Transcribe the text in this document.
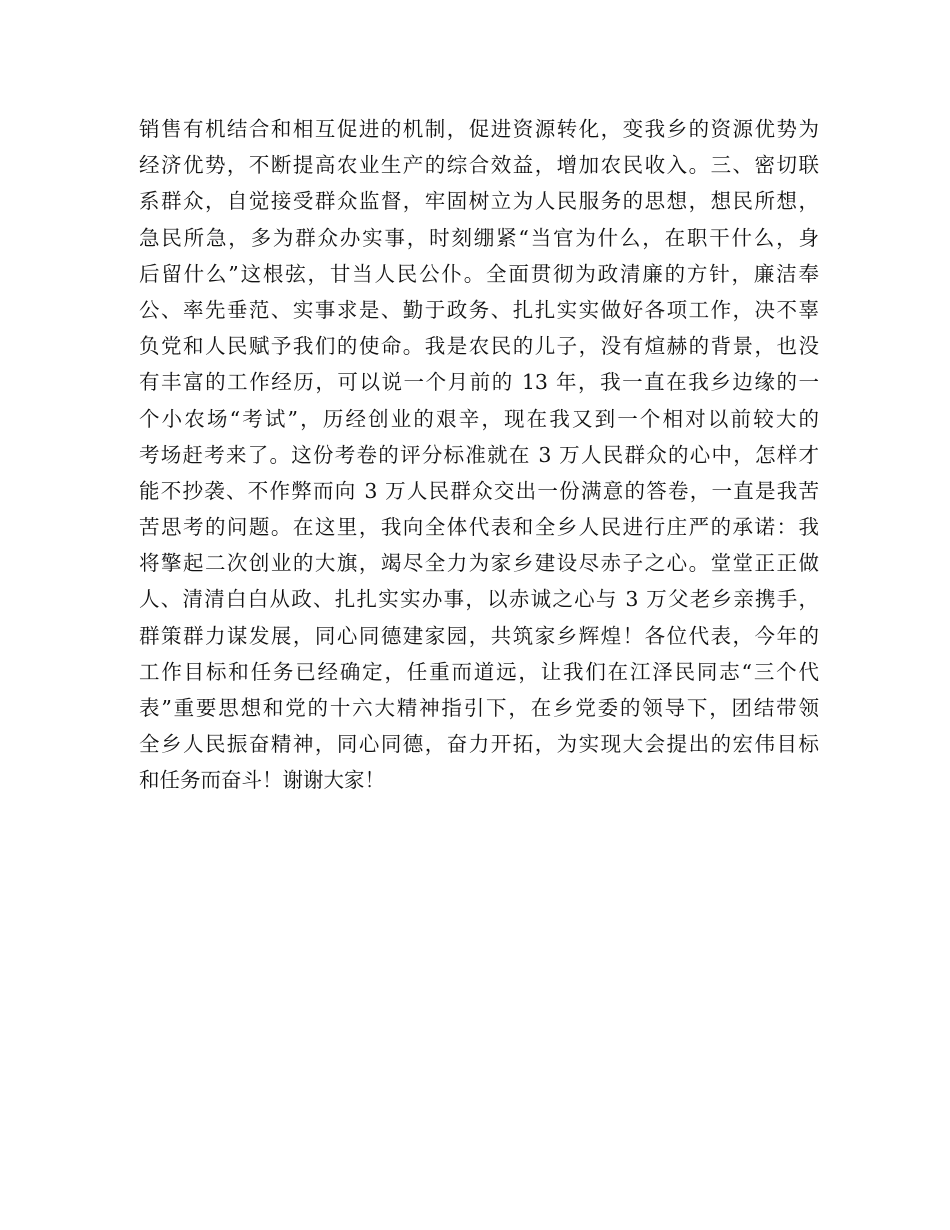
销售有机结合和相互促进的机制，促进资源转化，变我乡的资源优势为
经济优势，不断提高农业生产的综合效益，增加农民收入。三、密切联
系群众，自觉接受群众监督，牢固树立为人民服务的思想，想民所想，
急民所急，多为群众办实事，时刻绷紧“当官为什么，在职干什么，身
后留什么”这根弦，甘当人民公仆。全面贯彻为政清廉的方针，廉洁奉
公、率先垂范、实事求是、勤于政务、扎扎实实做好各项工作，决不辜
负党和人民赋予我们的使命。我是农民的儿子，没有煊赫的背景，也没
有丰富的工作经历，可以说一个月前的 13 年，我一直在我乡边缘的一
个小农场“考试”，历经创业的艰辛，现在我又到一个相对以前较大的
考场赶考来了。这份考卷的评分标准就在 3 万人民群众的心中，怎样才
能不抄袭、不作弊而向 3 万人民群众交出一份满意的答卷，一直是我苦
苦思考的问题。在这里，我向全体代表和全乡人民进行庄严的承诺：我
将擎起二次创业的大旗，竭尽全力为家乡建设尽赤子之心。堂堂正正做
人、清清白白从政、扎扎实实办事，以赤诚之心与 3 万父老乡亲携手，
群策群力谋发展，同心同德建家园，共筑家乡辉煌！各位代表，今年的
工作目标和任务已经确定，任重而道远，让我们在江泽民同志“三个代
表”重要思想和党的十六大精神指引下，在乡党委的领导下，团结带领
全乡人民振奋精神，同心同德，奋力开拓，为实现大会提出的宏伟目标
和任务而奋斗！谢谢大家！
